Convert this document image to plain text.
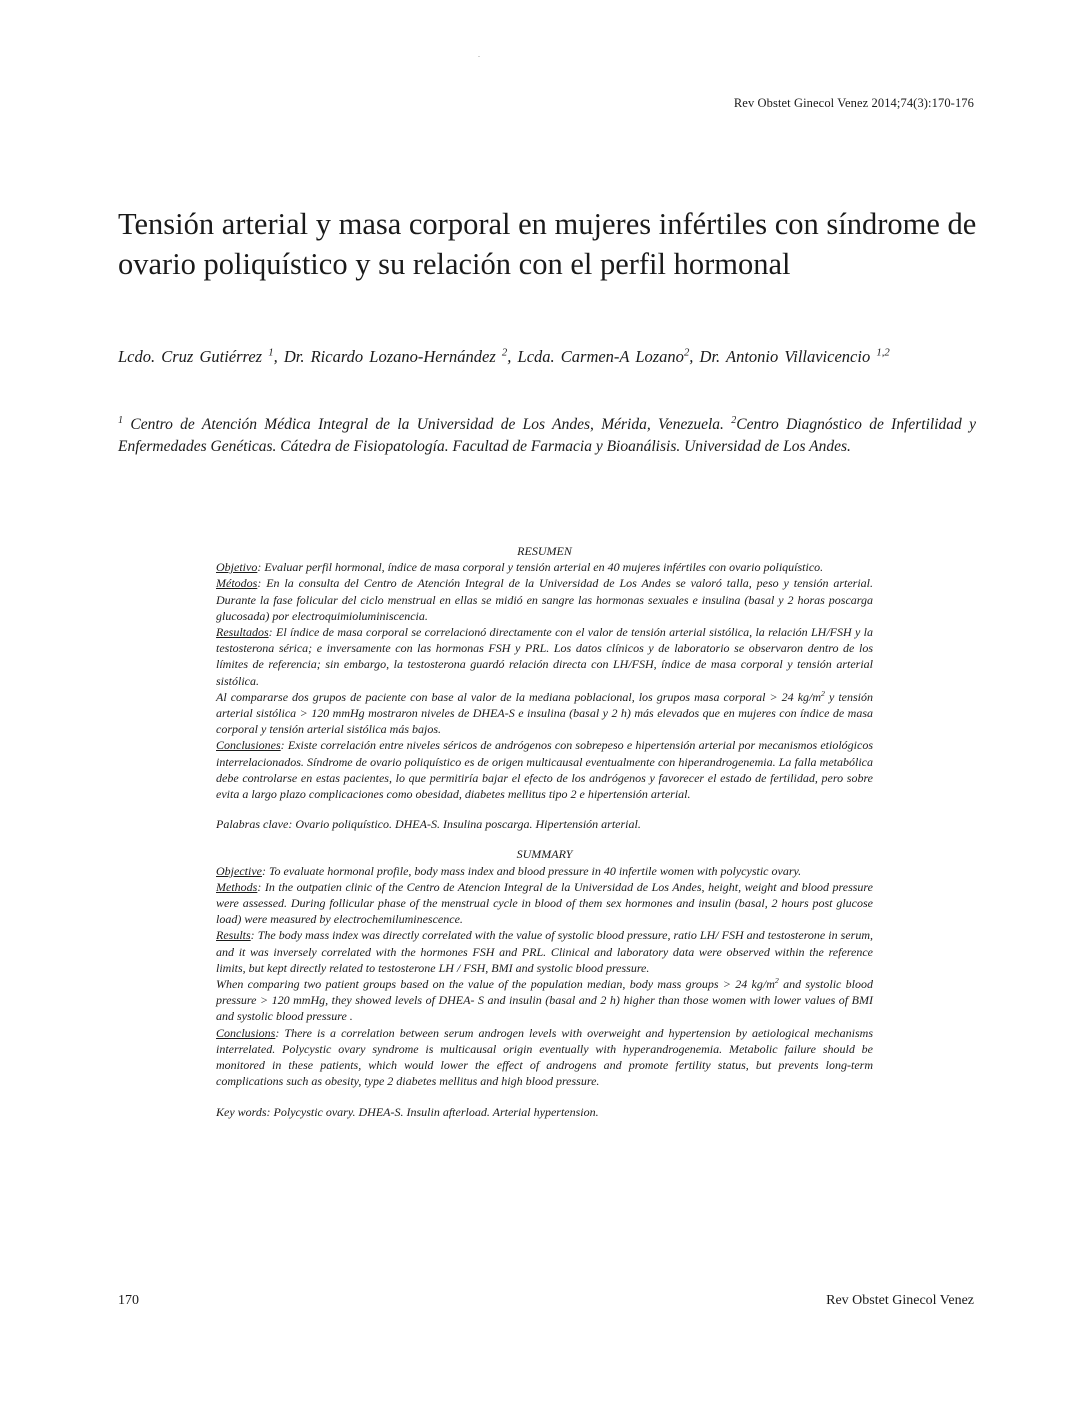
.
Rev Obstet Ginecol Venez 2014;74(3):170-176
Tensión arterial y masa corporal en mujeres infértiles con síndrome de ovario poliquístico y su relación con el perfil hormonal
Lcdo. Cruz Gutiérrez $^1$, Dr. Ricardo Lozano-Hernández $^2$, Lcda. Carmen-A Lozano$^2$, Dr. Antonio Villavicencio $^{1,2}$
$^1$ Centro de Atención Médica Integral de la Universidad de Los Andes, Mérida, Venezuela. $^2$Centro Diagnóstico de Infertilidad y Enfermedades Genéticas. Cátedra de Fisiopatología. Facultad de Farmacia y Bioanálisis. Universidad de Los Andes.
RESUMEN

Objetivo: Evaluar perfil hormonal, índice de masa corporal y tensión arterial en 40 mujeres infértiles con ovario poliquístico.

Métodos: En la consulta del Centro de Atención Integral de la Universidad de Los Andes se valoró talla, peso y tensión arterial. Durante la fase folicular del ciclo menstrual en ellas se midió en sangre las hormonas sexuales e insulina (basal y 2 horas poscarga glucosada) por electroquimioluminiscencia.

Resultados: El índice de masa corporal se correlacionó directamente con el valor de tensión arterial sistólica, la relación LH/FSH y la testosterona sérica; e inversamente con las hormonas FSH y PRL. Los datos clínicos y de laboratorio se observaron dentro de los límites de referencia; sin embargo, la testosterona guardó relación directa con LH/FSH, índice de masa corporal y tensión arterial sistólica.

Al compararse dos grupos de paciente con base al valor de la mediana poblacional, los grupos masa corporal > 24 $kg/m^2$ y tensión arterial sistólica > 120 mmHg mostraron niveles de DHEA-S e insulina (basal y 2 h) más elevados que en mujeres con índice de masa corporal y tensión arterial sistólica más bajos.

Conclusiones: Existe correlación entre niveles séricos de andrógenos con sobrepeso e hipertensión arterial por mecanismos etiológicos interrelacionados. Síndrome de ovario poliquístico es de origen multicausal eventualmente con hiperandrogenemia. La falla metabólica debe controlarse en estas pacientes, lo que permitiría bajar el efecto de los andrógenos y favorecer el estado de fertilidad, pero sobre evita a largo plazo complicaciones como obesidad, diabetes mellitus tipo 2 e hipertensión arterial.

Palabras clave: Ovario poliquístico. DHEA-S. Insulina poscarga. Hipertensión arterial.

SUMMARY

Objective: To evaluate hormonal profile, body mass index and blood pressure in 40 infertile women with polycystic ovary.

Methods: In the outpatien clinic of the Centro de Atencion Integral de la Universidad de Los Andes, height, weight and blood pressure were assessed. During follicular phase of the menstrual cycle in blood of them sex hormones and insulin (basal, 2 hours post glucose load) were measured by electrochemiluminescence.

Results: The body mass index was directly correlated with the value of systolic blood pressure, ratio LH/ FSH and testosterone in serum, and it was inversely correlated with the hormones FSH and PRL. Clinical and laboratory data were observed within the reference limits, but kept directly related to testosterone LH / FSH, BMI and systolic blood pressure.

When comparing two patient groups based on the value of the population median, body mass groups > 24 $kg/m^2$ and systolic blood pressure > 120 mmHg, they showed levels of DHEA- S and insulin (basal and 2 h) higher than those women with lower values of BMI and systolic blood pressure .

Conclusions: There is a correlation between serum androgen levels with overweight and hypertension by aetiological mechanisms interrelated. Polycystic ovary syndrome is multicausal origin eventually with hyperandrogenemia. Metabolic failure should be monitored in these patients, which would lower the effect of androgens and promote fertility status, but prevents long-term complications such as obesity, type 2 diabetes mellitus and high blood pressure.

Key words: Polycystic ovary. DHEA-S. Insulin afterload. Arterial hypertension.

170	Rev Obstet Ginecol Venez
